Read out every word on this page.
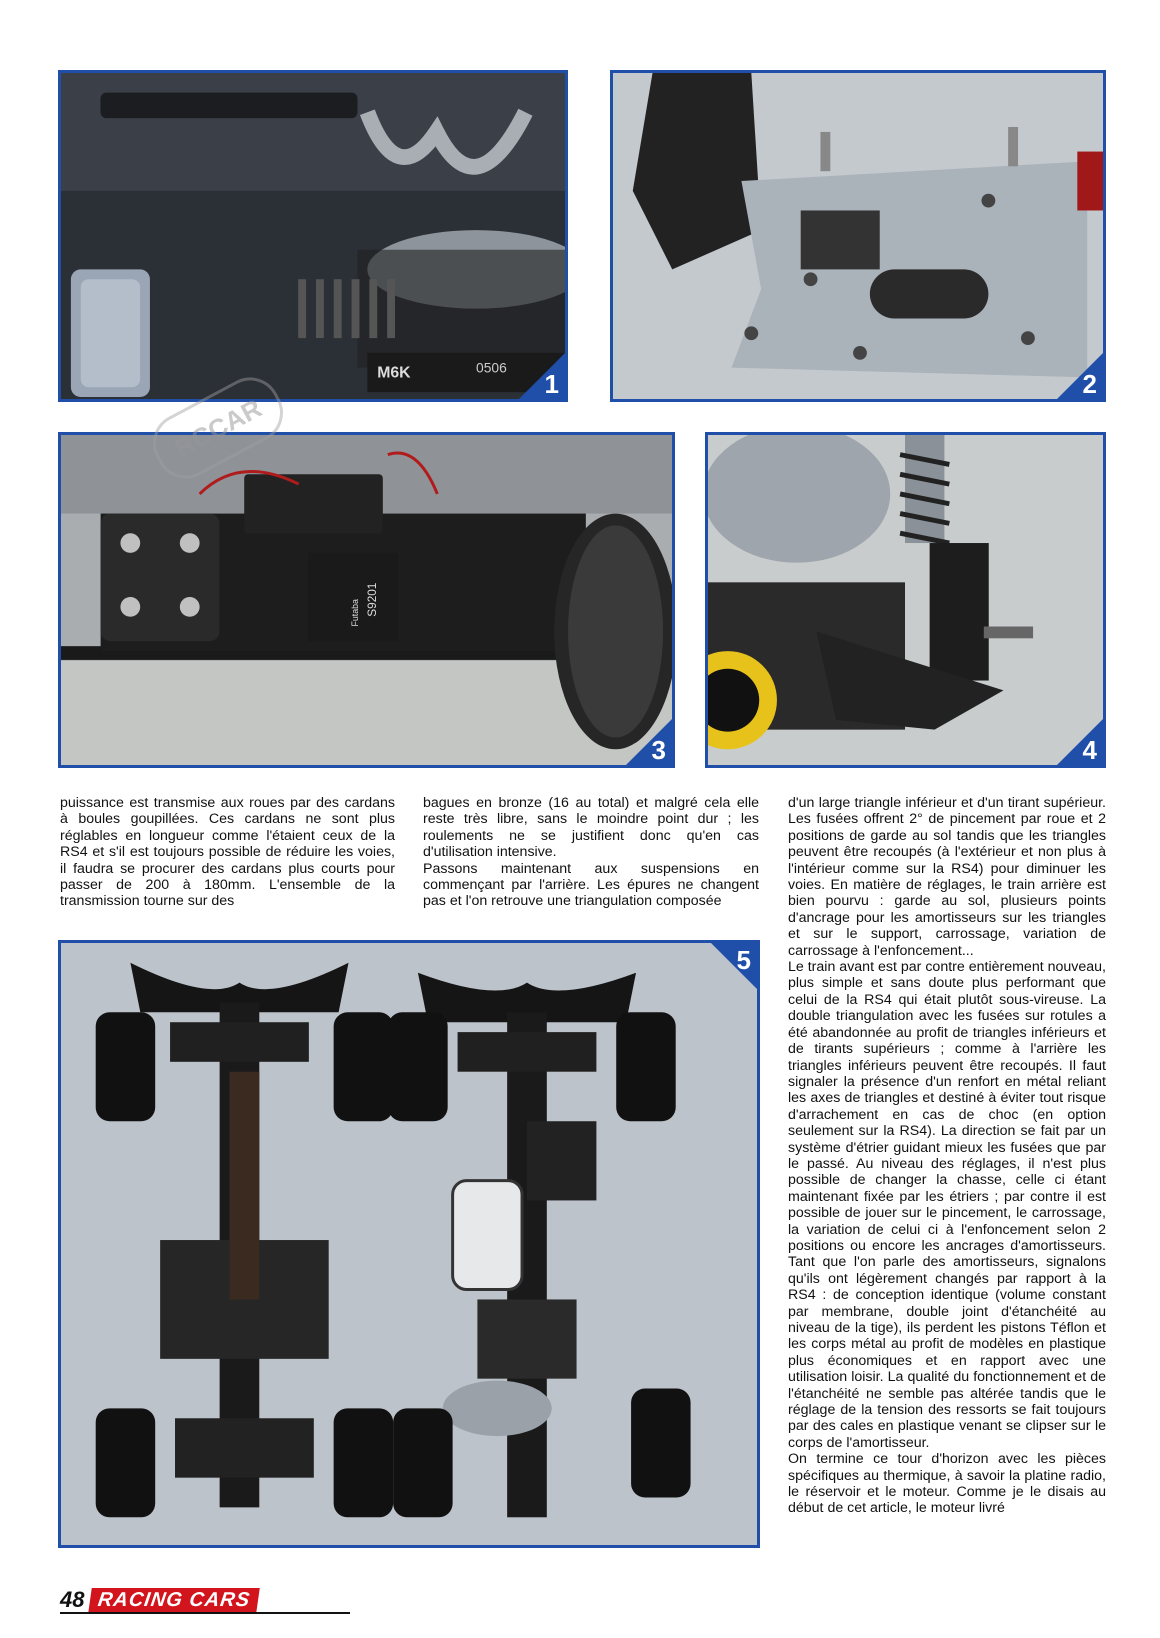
M6K	0506
1	2
S9201
Futaba
3	4

puissance est transmise aux roues par des cardans à boules goupillées. Ces cardans ne sont plus réglables en longueur comme l'étaient ceux de la RS4 et s'il est toujours possible de réduire les voies, il faudra se procurer des cardans plus courts pour passer de 200 à 180mm. L'ensemble de la transmission tourne sur des

bagues en bronze (16 au total) et malgré cela elle reste très libre, sans le moindre point dur ; les roulements ne se justifient donc qu'en cas d'utilisation intensive.

Passons maintenant aux suspensions en commençant par l'arrière. Les épures ne changent pas et l'on retrouve une triangulation composée

d'un large triangle inférieur et d'un tirant supérieur. Les fusées offrent 2° de pincement par roue et 2 positions de garde au sol tandis que les triangles peuvent être recoupés (à l'extérieur et non plus à l'intérieur comme sur la RS4) pour diminuer les voies. En matière de réglages, le train arrière est bien pourvu : garde au sol, plusieurs points d'ancrage pour les amortisseurs sur les triangles et sur le support, carrossage, variation de carrossage à l'enfoncement...

Le train avant est par contre entièrement nouveau, plus simple et sans doute plus performant que celui de la RS4 qui était plutôt sous-vireuse. La double triangulation avec les fusées sur rotules a été abandonnée au profit de triangles inférieurs et de tirants supérieurs ; comme à l'arrière les triangles inférieurs peuvent être recoupés. Il faut signaler la présence d'un renfort en métal reliant les axes de triangles et destiné à éviter tout risque d'arrachement en cas de choc (en option seulement sur la RS4). La direction se fait par un système d'étrier guidant mieux les fusées que par le passé. Au niveau des réglages, il n'est plus possible de changer la chasse, celle ci étant maintenant fixée par les étriers ; par contre il est possible de jouer sur le pincement, le carrossage, la variation de celui ci à l'enfoncement selon 2 positions ou encore les ancrages d'amortisseurs. Tant que l'on parle des amortisseurs, signalons qu'ils ont légèrement changés par rapport à la RS4 : de conception identique (volume constant par membrane, double joint d'étanchéité au niveau de la tige), ils perdent les pistons Téflon et les corps métal au profit de modèles en plastique plus économiques et en rapport avec une utilisation loisir. La qualité du fonctionnement et de l'étanchéité ne semble pas altérée tandis que le réglage de la tension des ressorts se fait toujours par des cales en plastique venant se clipser sur le corps de l'amortisseur.

On termine ce tour d'horizon avec les pièces spécifiques au thermique, à savoir la platine radio, le réservoir et le moteur. Comme je le disais au début de cet article, le moteur livré

5
RCCAR
48 RACING CARS
